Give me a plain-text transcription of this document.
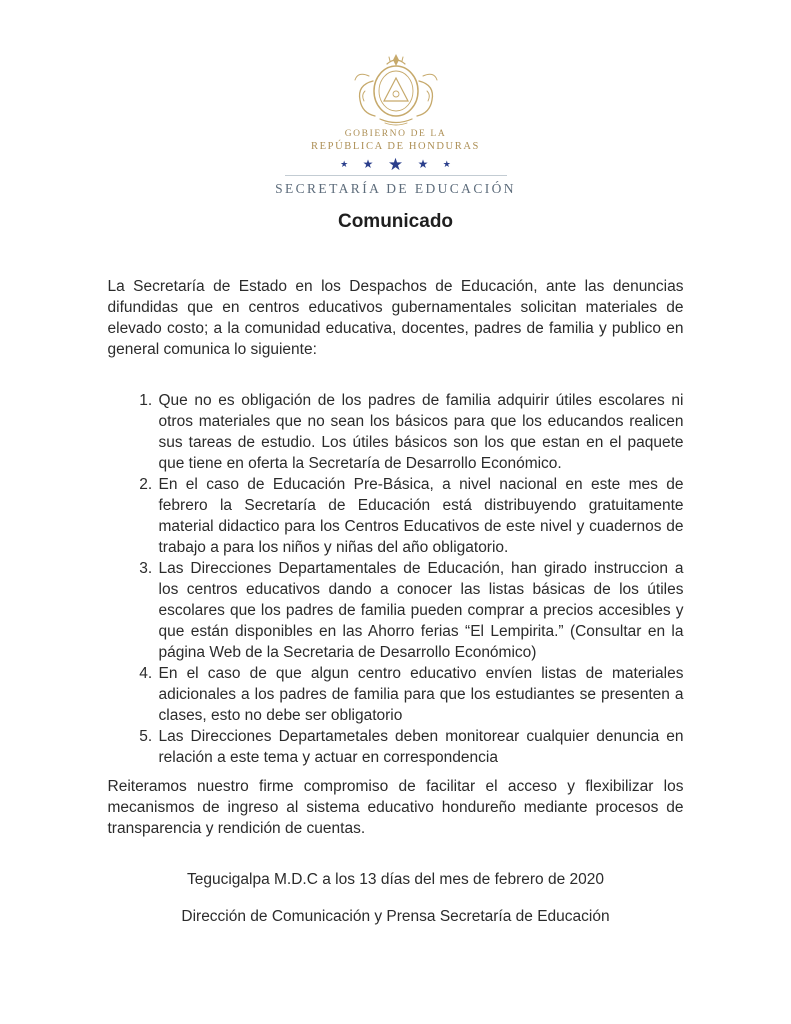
GOBIERNO DE LA
REPÚBLICA DE HONDURAS
★ ★ ★ ★ ★
SECRETARÍA DE EDUCACIÓN
Comunicado

La Secretaría de Estado en los Despachos de Educación, ante las denuncias difundidas que en centros educativos gubernamentales solicitan materiales de elevado costo; a la comunidad educativa, docentes, padres de familia y publico en general comunica lo siguiente:

1. Que no es obligación de los padres de familia adquirir útiles escolares ni otros materiales que no sean los básicos para que los educandos realicen sus tareas de estudio. Los útiles básicos son los que estan en el paquete que tiene en oferta la Secretaría de Desarrollo Económico.
2. En el caso de Educación Pre-Básica, a nivel nacional en este mes de febrero la Secretaría de Educación está distribuyendo gratuitamente material didactico para los Centros Educativos de este nivel y cuadernos de trabajo a para los niños y niñas del año obligatorio.
3. Las Direcciones Departamentales de Educación, han girado instruccion a los centros educativos dando a conocer las listas básicas de los útiles escolares que los padres de familia pueden comprar a precios accesibles y que están disponibles en las Ahorro ferias “El Lempirita.” (Consultar en la página Web de la Secretaria de Desarrollo Económico)
4. En el caso de que algun centro educativo envíen listas de materiales adicionales a los padres de familia para que los estudiantes se presenten a clases, esto no debe ser obligatorio
5. Las Direcciones Departametales deben monitorear cualquier denuncia en relación a este tema y actuar en correspondencia

Reiteramos nuestro firme compromiso de facilitar el acceso y flexibilizar los mecanismos de ingreso al sistema educativo hondureño mediante procesos de transparencia y rendición de cuentas.

Tegucigalpa M.D.C a los 13 días del mes de febrero de 2020
Dirección de Comunicación y Prensa Secretaría de Educación
